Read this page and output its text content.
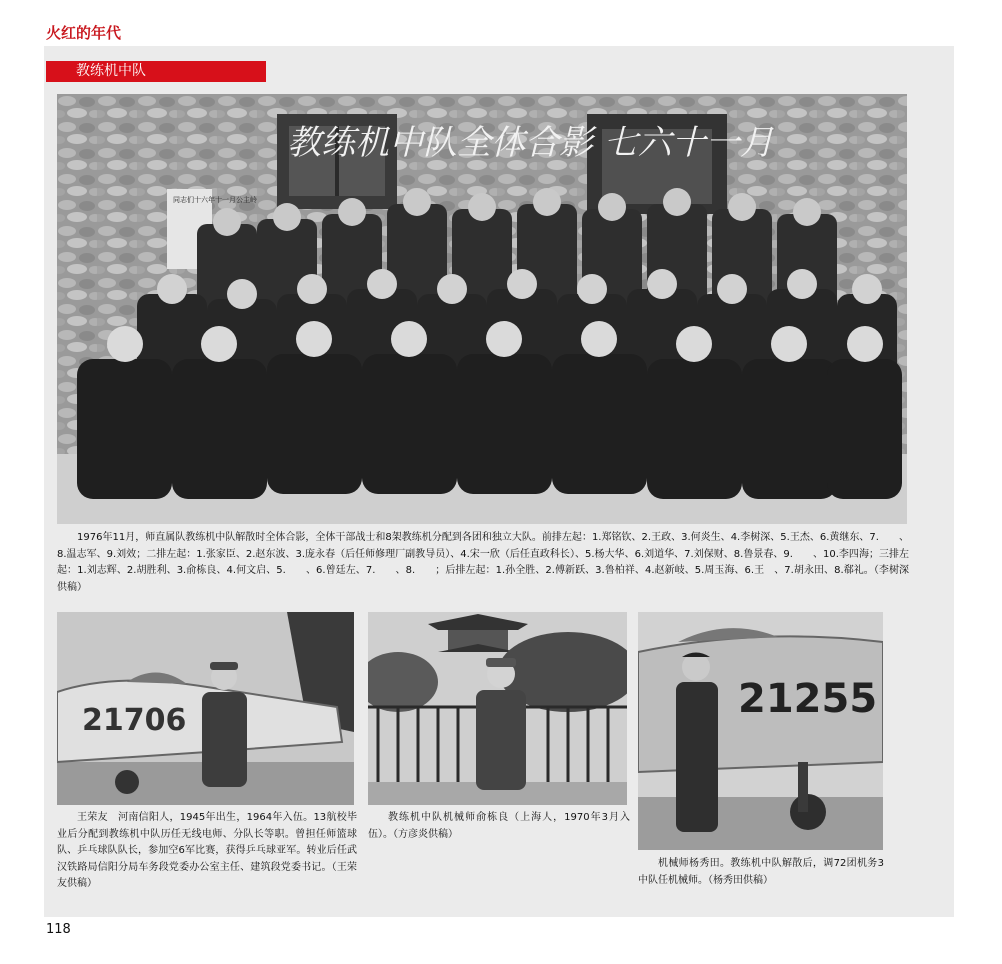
火红的年代
教练机中队
同志们十六年十一月公主岭
教练机中队全体合影 七六十一月
1976年11月，师直属队教练机中队解散时全体合影，全体干部战士和8架教练机分配到各团和独立大队。前排左起：1.郑铭钦、2.王政、3.何炎生、4.李树深、5.王杰、6.黄继东、7.　　、8.温志军、9.刘效；二排左起：1.张家臣、2.赵东波、3.庞永春（后任师修理厂副教导员）、4.宋一欣（后任直政科长）、5.杨大华、6.刘道华、7.刘保财、8.鲁景春、9.　　、10.李四海；三排左起：1.刘志辉、2.胡胜利、3.俞栋良、4.何文启、5.　　、6.曾廷左、7.　　、8.　　；后排左起：1.孙全胜、2.傅新跃、3.鲁柏祥、4.赵新岐、5.周玉海、6.王　、7.胡永田、8.郗礼。（李树深供稿）
21706
王荣友　河南信阳人，1945年出生，1964年入伍。13航校毕业后分配到教练机中队历任无线电师、分队长等职。曾担任师篮球队、乒乓球队队长，参加空6军比赛，获得乒乓球亚军。转业后任武汉铁路局信阳分局车务段党委办公室主任、建筑段党委书记。（王荣友供稿）
教练机中队机械师俞栋良（上海人，1970年3月入伍）。（方彦炎供稿）
21255
机械师杨秀田。教练机中队解散后，调72团机务3中队任机械师。（杨秀田供稿）
118
